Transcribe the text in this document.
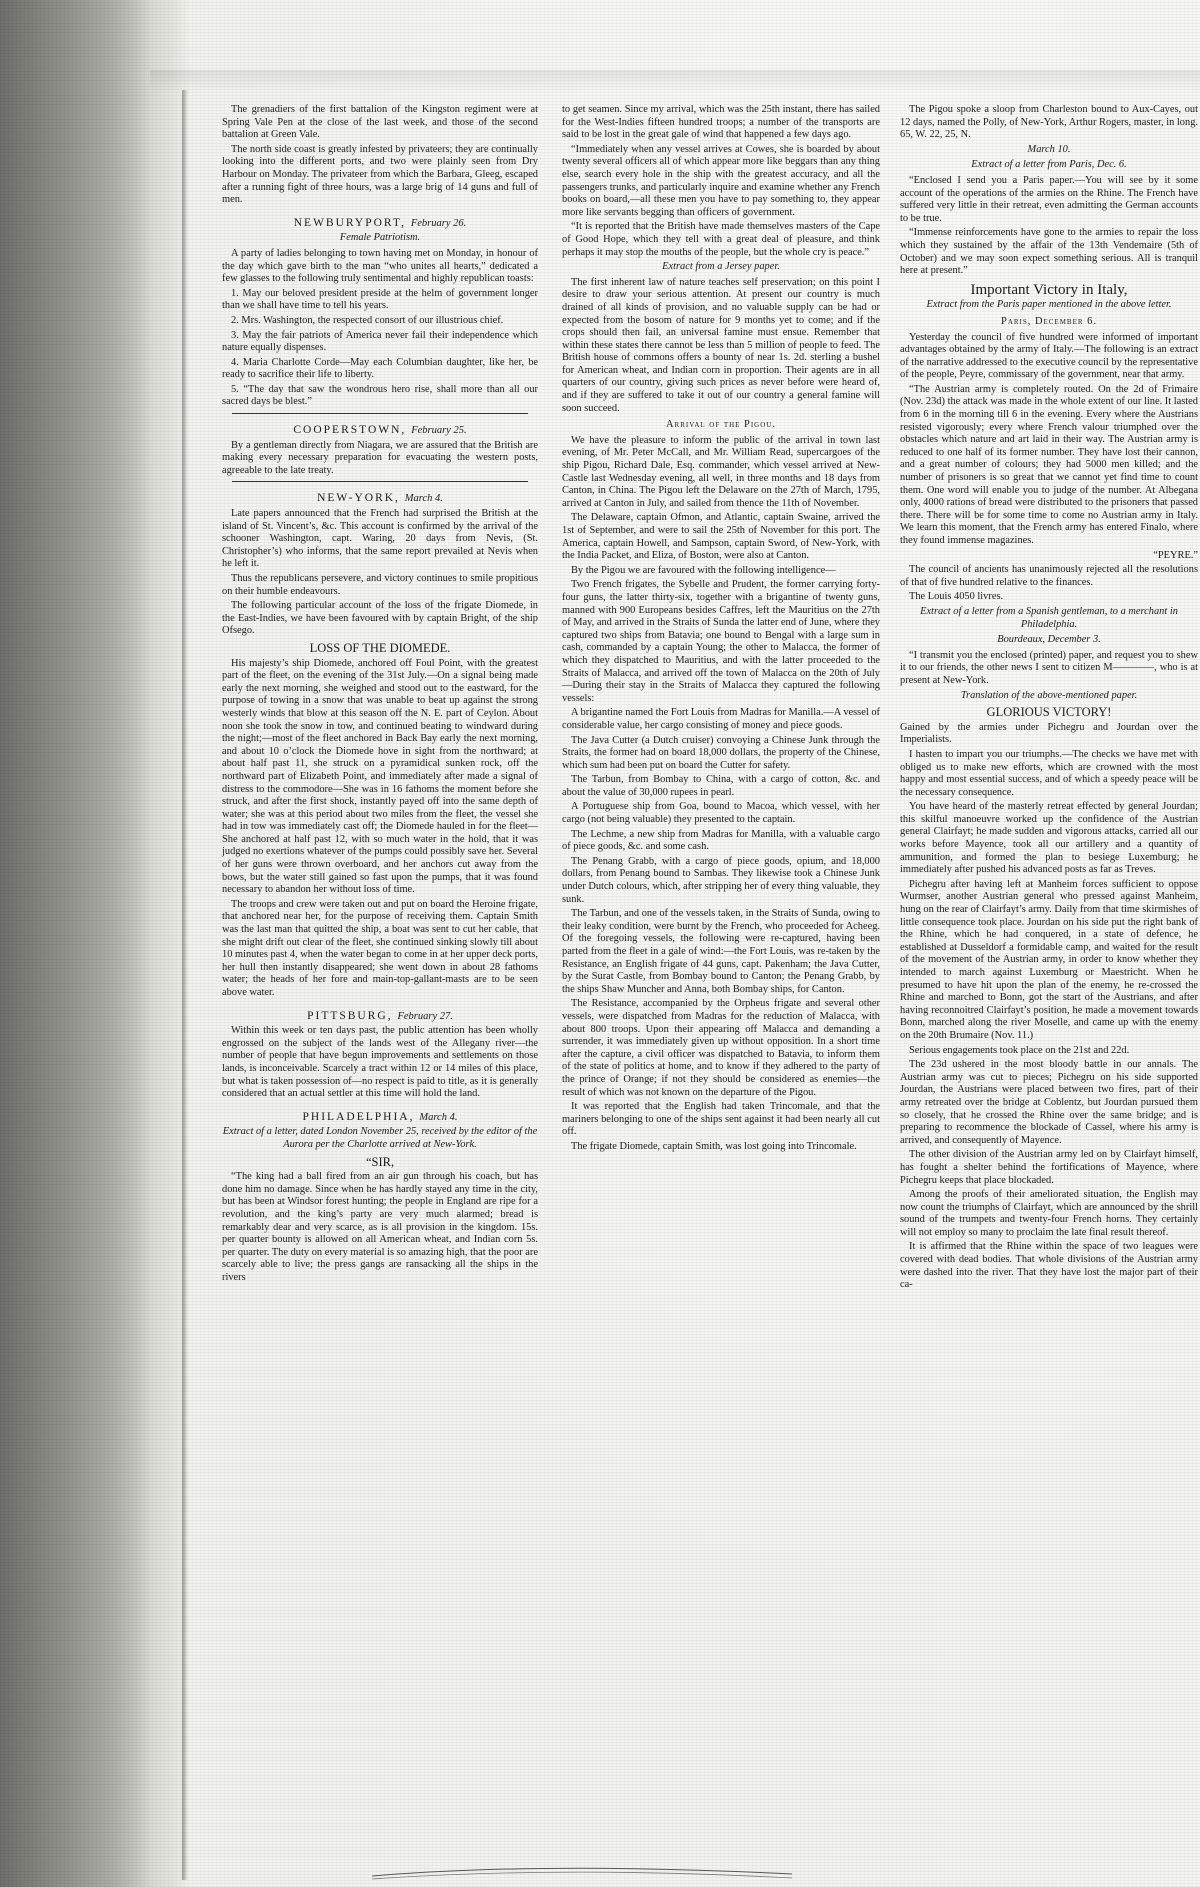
The grenadiers of the first battalion of the Kingston regiment were at Spring Vale Pen at the close of the last week, and those of the second battalion at Green Vale.

The north side coast is greatly infested by privateers; they are continually looking into the different ports, and two were plainly seen from Dry Harbour on Monday. The privateer from which the Barbara, Gleeg, escaped after a running fight of three hours, was a large brig of 14 guns and full of men.

NEWBURYPORT, February 26.
Female Patriotism.

A party of ladies belonging to town having met on Monday, in honour of the day which gave birth to the man “who unites all hearts,” dedicated a few glasses to the following truly sentimental and highly republican toasts:

1. May our beloved president preside at the helm of government longer than we shall have time to tell his years.

2. Mrs. Washington, the respected consort of our illustrious chief.

3. May the fair patriots of America never fail their independence which nature equally dispenses.

4. Maria Charlotte Corde—May each Columbian daughter, like her, be ready to sacrifice their life to liberty.

5. “The day that saw the wondrous hero rise, shall more than all our sacred days be blest.”

COOPERSTOWN, February 25.

By a gentleman directly from Niagara, we are assured that the British are making every necessary preparation for evacuating the western posts, agreeable to the late treaty.

NEW-YORK, March 4.

Late papers announced that the French had surprised the British at the island of St. Vincent’s, &c. This account is confirmed by the arrival of the schooner Washington, capt. Waring, 20 days from Nevis, (St. Christopher’s) who informs, that the same report prevailed at Nevis when he left it.

Thus the republicans persevere, and victory continues to smile propitious on their humble endeavours.

The following particular account of the loss of the frigate Diomede, in the East-Indies, we have been favoured with by captain Bright, of the ship Ofsego.

LOSS OF THE DIOMEDE.

His majesty’s ship Diomede, anchored off Foul Point, with the greatest part of the fleet, on the evening of the 31st July.—On a signal being made early the next morning, she weighed and stood out to the eastward, for the purpose of towing in a snow that was unable to beat up against the strong westerly winds that blow at this season off the N. E. part of Ceylon. About noon she took the snow in tow, and continued beating to windward during the night;—most of the fleet anchored in Back Bay early the next morning, and about 10 o’clock the Diomede hove in sight from the northward; at about half past 11, she struck on a pyramidical sunken rock, off the northward part of Elizabeth Point, and immediately after made a signal of distress to the commodore—She was in 16 fathoms the moment before she struck, and after the first shock, instantly payed off into the same depth of water; she was at this period about two miles from the fleet, the vessel she had in tow was immediately cast off; the Diomede hauled in for the fleet—She anchored at half past 12, with so much water in the hold, that it was judged no exertions whatever of the pumps could possibly save her. Several of her guns were thrown overboard, and her anchors cut away from the bows, but the water still gained so fast upon the pumps, that it was found necessary to abandon her without loss of time.

The troops and crew were taken out and put on board the Heroine frigate, that anchored near her, for the purpose of receiving them. Captain Smith was the last man that quitted the ship, a boat was sent to cut her cable, that she might drift out clear of the fleet, she continued sinking slowly till about 10 minutes past 4, when the water began to come in at her upper deck ports, her hull then instantly disappeared; she went down in about 28 fathoms water; the heads of her fore and main-top-gallant-masts are to be seen above water.

PITTSBURG, February 27.

Within this week or ten days past, the public attention has been wholly engrossed on the subject of the lands west of the Allegany river—the number of people that have begun improvements and settlements on those lands, is inconceivable. Scarcely a tract within 12 or 14 miles of this place, but what is taken possession of—no respect is paid to title, as it is generally considered that an actual settler at this time will hold the land.

PHILADELPHIA, March 4.
Extract of a letter, dated London November 25, received by the editor of the Aurora per the Charlotte arrived at New-York.
“SIR,

“The king had a ball fired from an air gun through his coach, but has done him no damage. Since when he has hardly stayed any time in the city, but has been at Windsor forest hunting; the people in England are ripe for a revolution, and the king’s party are very much alarmed; bread is remarkably dear and very scarce, as is all provision in the kingdom. 15s. per quarter bounty is allowed on all American wheat, and Indian corn 5s. per quarter. The duty on every material is so amazing high, that the poor are scarcely able to live; the press gangs are ransacking all the ships in the rivers

to get seamen. Since my arrival, which was the 25th instant, there has sailed for the West-Indies fifteen hundred troops; a number of the transports are said to be lost in the great gale of wind that happened a few days ago.

“Immediately when any vessel arrives at Cowes, she is boarded by about twenty several officers all of which appear more like beggars than any thing else, search every hole in the ship with the greatest accuracy, and all the passengers trunks, and particularly inquire and examine whether any French books on board,—all these men you have to pay something to, they appear more like servants begging than officers of government.

“It is reported that the British have made themselves masters of the Cape of Good Hope, which they tell with a great deal of pleasure, and think perhaps it may stop the mouths of the people, but the whole cry is peace.”

Extract from a Jersey paper.

The first inherent law of nature teaches self preservation; on this point I desire to draw your serious attention. At present our country is much drained of all kinds of provision, and no valuable supply can be had or expected from the bosom of nature for 9 months yet to come; and if the crops should then fail, an universal famine must ensue. Remember that within these states there cannot be less than 5 million of people to feed. The British house of commons offers a bounty of near 1s. 2d. sterling a bushel for American wheat, and Indian corn in proportion. Their agents are in all quarters of our country, giving such prices as never before were heard of, and if they are suffered to take it out of our country a general famine will soon succeed.

Arrival of the Pigou.

We have the pleasure to inform the public of the arrival in town last evening, of Mr. Peter McCall, and Mr. William Read, supercargoes of the ship Pigou, Richard Dale, Esq. commander, which vessel arrived at New-Castle last Wednesday evening, all well, in three months and 18 days from Canton, in China. The Pigou left the Delaware on the 27th of March, 1795, arrived at Canton in July, and sailed from thence the 11th of November.

The Delaware, captain Ofmon, and Atlantic, captain Swaine, arrived the 1st of September, and were to sail the 25th of November for this port. The America, captain Howell, and Sampson, captain Sword, of New-York, with the India Packet, and Eliza, of Boston, were also at Canton.

By the Pigou we are favoured with the following intelligence—

Two French frigates, the Sybelle and Prudent, the former carrying forty-four guns, the latter thirty-six, together with a brigantine of twenty guns, manned with 900 Europeans besides Caffres, left the Mauritius on the 27th of May, and arrived in the Straits of Sunda the latter end of June, where they captured two ships from Batavia; one bound to Bengal with a large sum in cash, commanded by a captain Young; the other to Malacca, the former of which they dispatched to Mauritius, and with the latter proceeded to the Straits of Malacca, and arrived off the town of Malacca on the 20th of July—During their stay in the Straits of Malacca they captured the following vessels:

A brigantine named the Fort Louis from Madras for Manilla.—A vessel of considerable value, her cargo consisting of money and piece goods.

The Java Cutter (a Dutch cruiser) convoying a Chinese Junk through the Straits, the former had on board 18,000 dollars, the property of the Chinese, which sum had been put on board the Cutter for safety.

The Tarbun, from Bombay to China, with a cargo of cotton, &c. and about the value of 30,000 rupees in pearl.

A Portuguese ship from Goa, bound to Macoa, which vessel, with her cargo (not being valuable) they presented to the captain.

The Lechme, a new ship from Madras for Manilla, with a valuable cargo of piece goods, &c. and some cash.

The Penang Grabb, with a cargo of piece goods, opium, and 18,000 dollars, from Penang bound to Sambas. They likewise took a Chinese Junk under Dutch colours, which, after stripping her of every thing valuable, they sunk.

The Tarbun, and one of the vessels taken, in the Straits of Sunda, owing to their leaky condition, were burnt by the French, who proceeded for Acheeg. Of the foregoing vessels, the following were re-captured, having been parted from the fleet in a gale of wind:—the Fort Louis, was re-taken by the Resistance, an English frigate of 44 guns, capt. Pakenham; the Java Cutter, by the Surat Castle, from Bombay bound to Canton; the Penang Grabb, by the ships Shaw Muncher and Anna, both Bombay ships, for Canton.

The Resistance, accompanied by the Orpheus frigate and several other vessels, were dispatched from Madras for the reduction of Malacca, with about 800 troops. Upon their appearing off Malacca and demanding a surrender, it was immediately given up without opposition. In a short time after the capture, a civil officer was dispatched to Batavia, to inform them of the state of politics at home, and to know if they adhered to the party of the prince of Orange; if not they should be considered as enemies—the result of which was not known on the departure of the Pigou.

It was reported that the English had taken Trincomale, and that the mariners belonging to one of the ships sent against it had been nearly all cut off.

The frigate Diomede, captain Smith, was lost going into Trincomale.

The Pigou spoke a sloop from Charleston bound to Aux-Cayes, out 12 days, named the Polly, of New-York, Arthur Rogers, master, in long. 65, W. 22, 25, N.

March 10.
Extract of a letter from Paris, Dec. 6.

“Enclosed I send you a Paris paper.—You will see by it some account of the operations of the armies on the Rhine. The French have suffered very little in their retreat, even admitting the German accounts to be true.

“Immense reinforcements have gone to the armies to repair the loss which they sustained by the affair of the 13th Vendemaire (5th of October) and we may soon expect something serious. All is tranquil here at present.”

Important Victory in Italy,
Extract from the Paris paper mentioned in the above letter.
Paris, December 6.

Yesterday the council of five hundred were informed of important advantages obtained by the army of Italy.—The following is an extract of the narrative addressed to the executive council by the representative of the people, Peyre, commissary of the government, near that army.

“The Austrian army is completely routed. On the 2d of Frimaire (Nov. 23d) the attack was made in the whole extent of our line. It lasted from 6 in the morning till 6 in the evening. Every where the Austrians resisted vigorously; every where French valour triumphed over the obstacles which nature and art laid in their way. The Austrian army is reduced to one half of its former number. They have lost their cannon, and a great number of colours; they had 5000 men killed; and the number of prisoners is so great that we cannot yet find time to count them. One word will enable you to judge of the number. At Albegana only, 4000 rations of bread were distributed to the prisoners that passed there. There will be for some time to come no Austrian army in Italy. We learn this moment, that the French army has entered Finalo, where they found immense magazines.

“PEYRE.”

The council of ancients has unanimously rejected all the resolutions of that of five hundred relative to the finances.

The Louis 4050 livres.

Extract of a letter from a Spanish gentleman, to a merchant in Philadelphia.
Bourdeaux, December 3.

“I transmit you the enclosed (printed) paper, and request you to shew it to our friends, the other news I sent to citizen M————, who is at present at New-York.

Translation of the above-mentioned paper.
GLORIOUS VICTORY!

Gained by the armies under Pichegru and Jourdan over the Imperialists.

I hasten to impart you our triumphs.—The checks we have met with obliged us to make new efforts, which are crowned with the most happy and most essential success, and of which a speedy peace will be the necessary consequence.

You have heard of the masterly retreat effected by general Jourdan; this skilful manoeuvre worked up the confidence of the Austrian general Clairfayt; he made sudden and vigorous attacks, carried all our works before Mayence, took all our artillery and a quantity of ammunition, and formed the plan to besiege Luxemburg; he immediately after pushed his advanced posts as far as Treves.

Pichegru after having left at Manheim forces sufficient to oppose Wurmser, another Austrian general who pressed against Manheim, hung on the rear of Clairfayt’s army. Daily from that time skirmishes of little consequence took place. Jourdan on his side put the right bank of the Rhine, which he had conquered, in a state of defence, he established at Dusseldorf a formidable camp, and waited for the result of the movement of the Austrian army, in order to know whether they intended to march against Luxemburg or Maestricht. When he presumed to have hit upon the plan of the enemy, he re-crossed the Rhine and marched to Bonn, got the start of the Austrians, and after having reconnoitred Clairfayt’s position, he made a movement towards Bonn, marched along the river Moselle, and came up with the enemy on the 20th Brumaire (Nov. 11.)

Serious engagements took place on the 21st and 22d.

The 23d ushered in the most bloody battle in our annals. The Austrian army was cut to pieces; Pichegru on his side supported Jourdan, the Austrians were placed between two fires, part of their army retreated over the bridge at Coblentz, but Jourdan pursued them so closely, that he crossed the Rhine over the same bridge; and is preparing to recommence the blockade of Cassel, where his army is arrived, and consequently of Mayence.

The other division of the Austrian army led on by Clairfayt himself, has fought a shelter behind the fortifications of Mayence, where Pichegru keeps that place blockaded.

Among the proofs of their ameliorated situation, the English may now count the triumphs of Clairfayt, which are announced by the shrill sound of the trumpets and twenty-four French horns. They certainly will not employ so many to proclaim the late final result thereof.

It is affirmed that the Rhine within the space of two leagues were covered with dead bodies. That whole divisions of the Austrian army were dashed into the river. That they have lost the major part of their ca-
